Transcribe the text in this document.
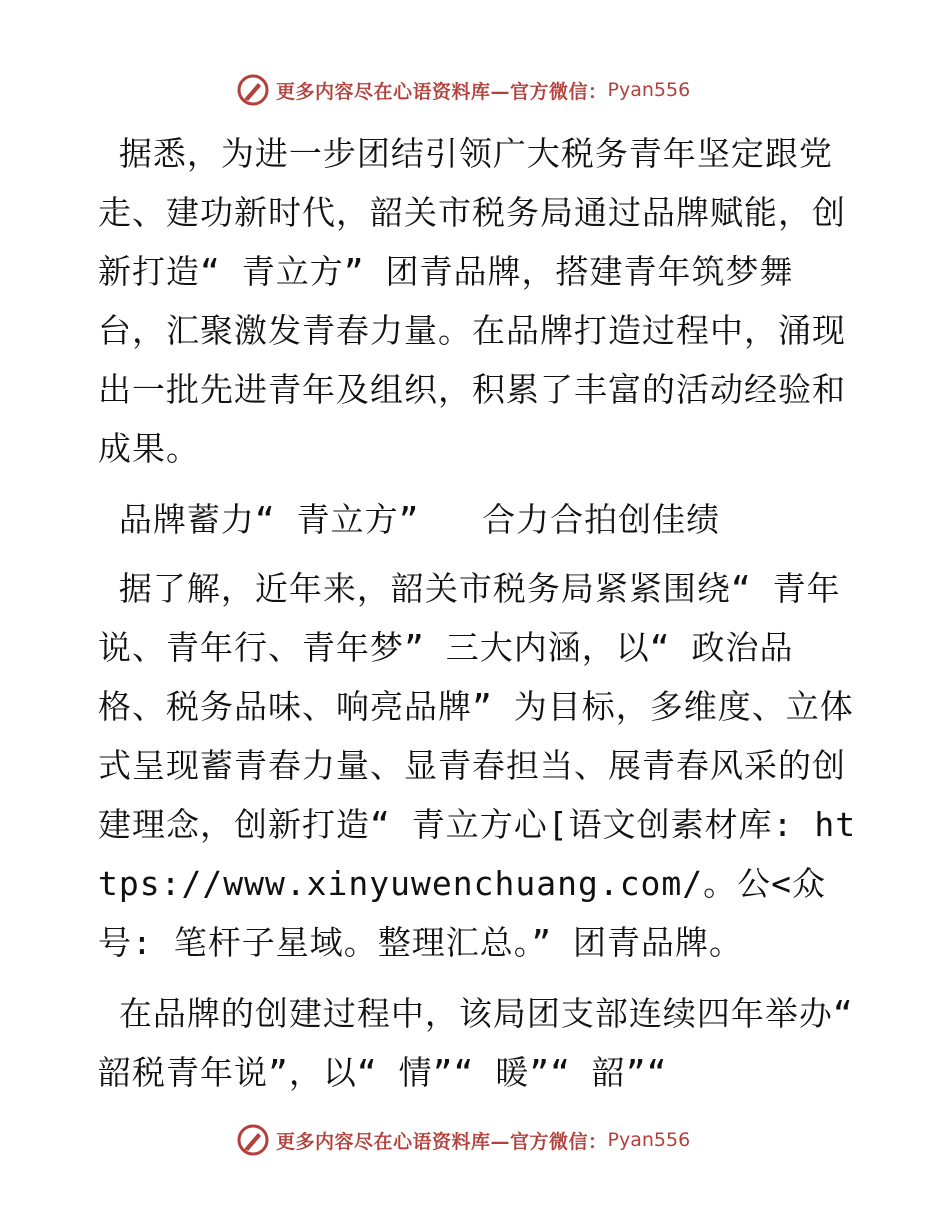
更多内容尽在心语资料库—官方微信： Pyan556

据悉，为进一步团结引领广大税务青年坚定跟党走、建功新时代，韶关市税务局通过品牌赋能，创新打造“ 青立方” 团青品牌，搭建青年筑梦舞台，汇聚激发青春力量。在品牌打造过程中，涌现出一批先进青年及组织，积累了丰富的活动经验和成果。

品牌蓄力“ 青立方”   合力合拍创佳绩

据了解，近年来，韶关市税务局紧紧围绕“ 青年说、青年行、青年梦” 三大内涵，以“ 政治品格、税务品味、响亮品牌” 为目标，多维度、立体式呈现蓄青春力量、显青春担当、展青春风采的创建理念，创新打造“ 青立方心[语文创素材库: https://www.xinyuwenchuang.com/。公<众号: 笔杆子星域。整理汇总。” 团青品牌。

在品牌的创建过程中，该局团支部连续四年举办“ 韶税青年说”，以“ 情”“ 暖”“ 韶”“

更多内容尽在心语资料库—官方微信： Pyan556
